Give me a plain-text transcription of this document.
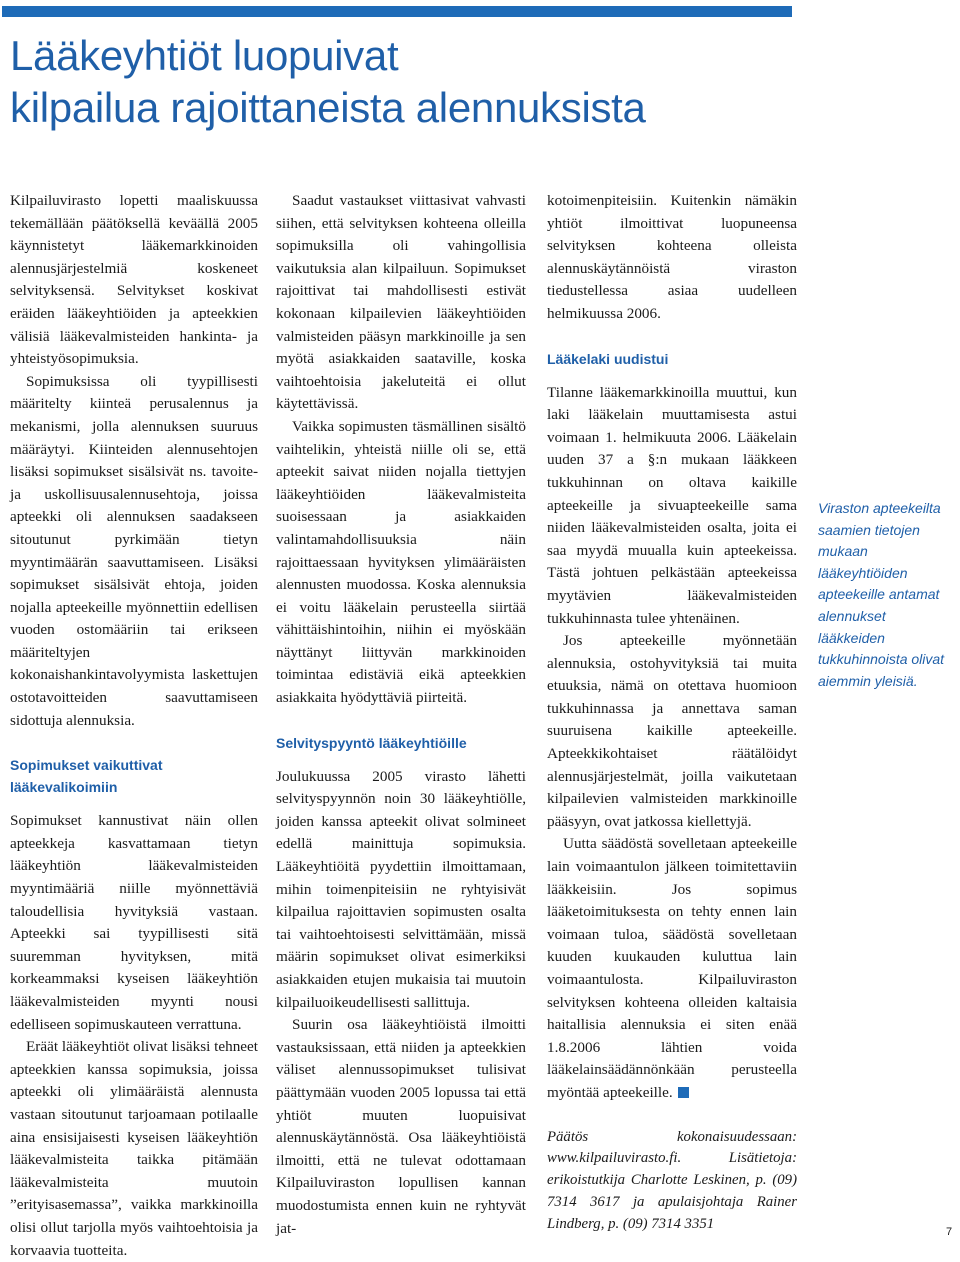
Lääkeyhtiöt luopuivat
kilpailua rajoittaneista alennuksista

Kilpailuvirasto lopetti maaliskuussa tekemällään päätöksellä keväällä 2005 käynnistetyt lääkemarkkinoiden alennusjärjestelmiä koskeneet selvityksensä. Selvitykset koskivat eräiden lääkeyhtiöiden ja apteekkien välisiä lääkevalmisteiden hankinta- ja yhteistyösopimuksia.

Sopimuksissa oli tyypillisesti määritelty kiinteä perusalennus ja mekanismi, jolla alennuksen suuruus määräytyi. Kiinteiden alennusehtojen lisäksi sopimukset sisälsivät ns. tavoite- ja uskollisuusalennusehtoja, joissa apteekki oli alennuksen saadakseen sitoutunut pyrkimään tietyn myyntimäärän saavuttamiseen. Lisäksi sopimukset sisälsivät ehtoja, joiden nojalla apteekeille myönnettiin edellisen vuoden ostomääriin tai erikseen määriteltyjen kokonaishankintavolyymista laskettujen ostotavoitteiden saavuttamiseen sidottuja alennuksia.

Sopimukset vaikuttivat
lääkevalikoimiin

Sopimukset kannustivat näin ollen apteekkeja kasvattamaan tietyn lääkeyhtiön lääkevalmisteiden myyntimääriä niille myönnettäviä taloudellisia hyvityksiä vastaan. Apteekki sai tyypillisesti sitä suuremman hyvityksen, mitä korkeammaksi kyseisen lääkeyhtiön lääkevalmisteiden myynti nousi edelliseen sopimuskauteen verrattuna.

Eräät lääkeyhtiöt olivat lisäksi tehneet apteekkien kanssa sopimuksia, joissa apteekki oli ylimääräistä alennusta vastaan sitoutunut tarjoamaan potilaalle aina ensisijaisesti kyseisen lääkeyhtiön lääkevalmisteita taikka pitämään lääkevalmisteita muutoin ”erityisasemassa”, vaikka markkinoilla olisi ollut tarjolla myös vaihtoehtoisia ja korvaavia tuotteita.

Saadut vastaukset viittasivat vahvasti siihen, että selvityksen kohteena olleilla sopimuksilla oli vahingollisia vaikutuksia alan kilpailuun. Sopimukset rajoittivat tai mahdollisesti estivät kokonaan kilpailevien lääkeyhtiöiden valmisteiden pääsyn markkinoille ja sen myötä asiakkaiden saataville, koska vaihtoehtoisia jakeluteitä ei ollut käytettävissä.

Vaikka sopimusten täsmällinen sisältö vaihtelikin, yhteistä niille oli se, että apteekit saivat niiden nojalla tiettyjen lääkeyhtiöiden lääkevalmisteita suoisessaan ja asiakkaiden valintamahdollisuuksia näin rajoittaessaan hyvityksen ylimääräisten alennusten muodossa. Koska alennuksia ei voitu lääkelain perusteella siirtää vähittäishintoihin, niihin ei myöskään näyttänyt liittyvän markkinoiden toimintaa edistäviä eikä apteekkien asiakkaita hyödyttäviä piirteitä.

Selvityspyyntö lääkeyhtiöille

Joulukuussa 2005 virasto lähetti selvityspyynnön noin 30 lääkeyhtiölle, joiden kanssa apteekit olivat solmineet edellä mainittuja sopimuksia. Lääkeyhtiöitä pyydettiin ilmoittamaan, mihin toimenpiteisiin ne ryhtyisivät kilpailua rajoittavien sopimusten osalta tai vaihtoehtoisesti selvittämään, missä määrin sopimukset olivat esimerkiksi asiakkaiden etujen mukaisia tai muutoin kilpailuoikeudellisesti sallittuja.

Suurin osa lääkeyhtiöistä ilmoitti vastauksissaan, että niiden ja apteekkien väliset alennussopimukset tulisivat päättymään vuoden 2005 lopussa tai että yhtiöt muuten luopuisivat alennuskäytännöstä. Osa lääkeyhtiöistä ilmoitti, että ne tulevat odottamaan Kilpailuviraston lopullisen kannan muodostumista ennen kuin ne ryhtyvät jat-

kotoimenpiteisiin. Kuitenkin nämäkin yhtiöt ilmoittivat luopuneensa selvityksen kohteena olleista alennuskäytännöistä viraston tiedustellessa asiaa uudelleen helmikuussa 2006.

Lääkelaki uudistui

Tilanne lääkemarkkinoilla muuttui, kun laki lääkelain muuttamisesta astui voimaan 1. helmikuuta 2006. Lääkelain uuden 37 a §:n mukaan lääkkeen tukkuhinnan on oltava kaikille apteekeille ja sivuapteekeille sama niiden lääkevalmisteiden osalta, joita ei saa myydä muualla kuin apteekeissa. Tästä johtuen pelkästään apteekeissa myytävien lääkevalmisteiden tukkuhinnasta tulee yhtenäinen.

Jos apteekeille myönnetään alennuksia, ostohyvityksiä tai muita etuuksia, nämä on otettava huomioon tukkuhinnassa ja annettava saman suuruisena kaikille apteekeille. Apteekkikohtaiset räätälöidyt alennusjärjestelmät, joilla vaikutetaan kilpailevien valmisteiden markkinoille pääsyyn, ovat jatkossa kiellettyjä.

Uutta säädöstä sovelletaan apteekeille lain voimaantulon jälkeen toimitettaviin lääkkeisiin. Jos sopimus lääketoimituksesta on tehty ennen lain voimaan tuloa, säädöstä sovelletaan kuuden kuukauden kuluttua lain voimaantulosta. Kilpailuviraston selvityksen kohteena olleiden kaltaisia haitallisia alennuksia ei siten enää 1.8.2006 lähtien voida lääkelainsäädännönkään perusteella myöntää apteekeille.

Päätös kokonaisuudessaan: www.kilpailuvirasto.fi. Lisätietoja: erikoistutkija Charlotte Leskinen, p. (09) 7314 3617 ja apulaisjohtaja Rainer Lindberg, p. (09) 7314 3351

Viraston apteekeilta saamien tietojen mukaan lääkeyhtiöiden apteekeille antamat alennukset lääkkeiden tukkuhinnoista olivat aiemmin yleisiä.
7
